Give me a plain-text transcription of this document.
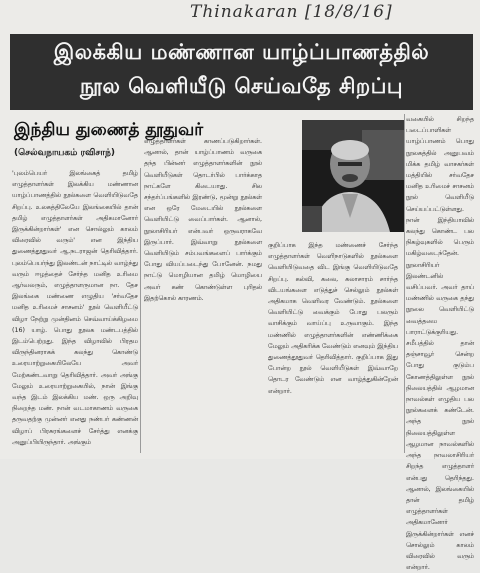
Thinakaran [18/8/16]
இலக்கிய மண்ணான யாழ்ப்பாணத்தில்
நூல வெளியீடு செய்வதே சிறப்பு
இந்திய துணைத் தூதுவர்
(செல்வநாயகம் ரவிசாந்)
'புலம்பெயர் இலங்கைத் தமிழ் எழுத்தாளர்கள் இலக்கிய மண்ணான யாழ்ப்பாணத்தில் நூல்களை வெளியிடுவதே சிறப்பு. உலகத்திலேயே இலங்கையில் தான் தமிழ் எழுத்தாளர்கள் அதிகமானோர் இருக்கின்றார்கள்' என சொல்லும் காலம் விரைவில் வரும்' என இந்திய துணைத்தூதுவர் ஆ.நடராஜன் தெரிவித்தார். புலம்பெயர்ந்து இலண்டன் நாட்டில் வாழ்ந்து வரும் ஈழத்தைச் சேர்ந்த மனித உரிமை ஆர்வலரும், எழுத்தாளருமான நா. தேச இலங்கை மண்ணை எழுதிய 'சர்வதேச மனித உரிமைச் சாசனம்' நூல் வெளியீட்டு விழா நேற்று முன்தினம் செவ்வாய்க்கிழமை (16) யாழ். பொது நூலக மண்டபத்தில் இடம்பெற்றது. இந்த விழாவில் பிரதம விருந்தினராகக் கலந்து கொண்டு உரையாற்றுகையிலேயே அவர் மேற்கண்டவாறு தெரிவித்தார். அவர் அங்கு மேலும் உரையாற்றுகையில், நான் இங்கு வந்த இடம் இலக்கிய மண். ஒரு அறிவு நிறைந்த மண். நான் வடமாகாணம் வருகை தருவதற்கு முன்னர் எனது நண்பர் கண்ணன் விழாப் பிரசுரங்களைச் சேர்த்து எனக்கு அனுப்பியிருந்தார். அங்கும்
எழுத்தாளர்கள் காணப்படுகிறார்கள். ஆனால், தான் யாழ்ப்பாணம் வருகை தந்த பின்னர் எழுத்தாளர்களின் நூல் வெளியீடுகள் தொடர்பில் பார்க்காத நாட்களே கிடையாது. சில சந்தர்ப்பங்களில் இரண்டு, மூன்று நூல்கள் என ஒரே மேடையில் நூல்களை வெளியிட்டு வைப்பார்கள். ஆனால், நூலாசிரியர் என்பவர் ஒருவராகவே இருப்பார். இவ்வாறு நூல்களை வெளியிடும் சம்பவங்களைப் பார்க்கும் போது வியப்படைந்து போனேன். நமது நாட்டு மொழியான தமிழ் மொழியை அவர் கண் கொண்டுள்ள புரிதல் இதற்கொல் காரணம்.
குறிப்பாக இந்த மண்ணைச் சேர்ந்த எழுத்தாளர்கள் வெளிநாடுகளில் நூல்களை வெளியிடுவதை விட இங்கு வெளியிடுவதே சிறப்பு. கல்வி, கலை, கலாசாரம் சார்ந்த விடயங்களை எடுத்துச் செல்லும் நூல்கள் அதிகமாக வெளிவர வேண்டும். நூல்களை வெளியிட்டு வைக்கும் போது பலரும் வாசிக்கும் வாய்ப்பு உருவாகும். இந்த மண்ணில் எழுத்தாளர்களின் எண்ணிக்கை மேலும் அதிகரிக்க வேண்டும் எனவும் இந்திய துணைத்தூதுவர் தெரிவித்தார். குறிப்பாக இது போன்ற நூல் வெளியீடுகள் இவ்வாறே தொடர வேண்டும் என வாழ்த்துகின்றேன் என்றார்.
வகையில் சிறந்த படைப்பாளிகள் யாழ்ப்பாணம் பொது நூலகத்தில் அனுபவம் மிக்க தமிழ் வாசகர்கள் மத்தியில் சர்வதேச மனித உரிமைச் சாசனம் நூல் வெளியீடு செய்யப்பட்டுள்ளது. நான் இந்தியாவில் கலந்து கொண்ட பல நிகழ்வுகளில் பெரும் மகிழ்வடைந்தேன். நூலாசிரியர் இலண்டனில் வசிப்பவர். அவர் தாய் மண்ணில் வருகை தந்து நூலை வெளியிட்டு வைத்தமை பாராட்டுக்குரியது. சமீபத்தில் தான் தஞ்சாவூர் சென்ற போது குடும்ப கோணத்திலுள்ள நூல் நிலையத்தில் ஆழமான நாவல்கள் எழுதிய பல நூல்களைக் கண்டேன். அந்த நூல் நிலையத்திலுள்ள ஆழமான நாவல்களில் அந்த நாவலாசிரியர் சிறந்த எழுத்தாளர் என்பது தெரிந்தது. ஆனால், இலங்கையில் தான் தமிழ் எழுத்தாளர்கள் அதிகமானோர் இருக்கின்றார்கள் எனச் சொல்லும் காலம் விரைவில் வரும் என்றார்.
